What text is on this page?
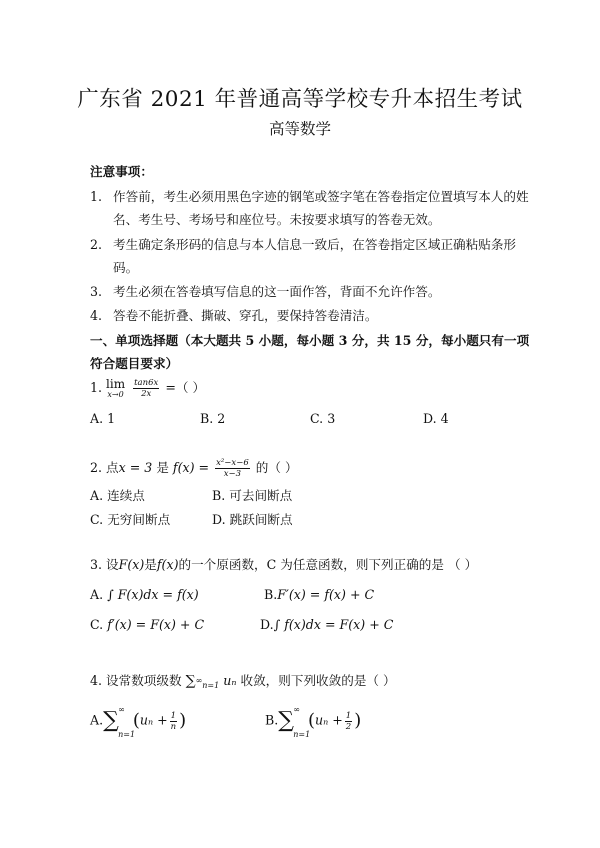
广东省 2021 年普通高等学校专升本招生考试
高等数学
注意事项：
1. 作答前，考生必须用黑色字迹的钢笔或签字笔在答卷指定位置填写本人的姓
名、考生号、考场号和座位号。未按要求填写的答卷无效。
2. 考生确定条形码的信息与本人信息一致后，在答卷指定区域正确粘贴条形
码。
3. 考生必须在答卷填写信息的这一面作答，背面不允许作答。
4. 答卷不能折叠、撕破、穿孔，要保持答卷清洁。
一、单项选择题（本大题共 5 小题，每小题 3 分，共 15 分，每小题只有一项
符合题目要求）
1. lim
x→0
$\frac{\tan 6x}{2x}$ =（ ）
A. 1	B. 2	C. 3	D. 4
2. 点x = 3 是 $f(x) = \frac{\text{x²−x−6}}{x-3}$ 的（ ）
A. 连续点	B. 可去间断点
C. 无穷间断点	D. 跳跃间断点
3. 设F(x)是f(x)的一个原函数，C 为任意函数，则下列正确的是 （ ）
A. ∫ F(x)dx = f(x)	B.F′(x) = f(x) + C
C. f′(x) = F(x) + C	D.∫ f(x)dx = F(x) + C
4. 设常数项级数 $\sum\infty_{n=1}$ uₙ 收敛，则下列收敛的是（ ）
A.∑ ∞
n=1
($u_n + \frac{1}{n}$ )	B.∑ ∞
n=1
($u_n + \frac{1}{2}$ )
